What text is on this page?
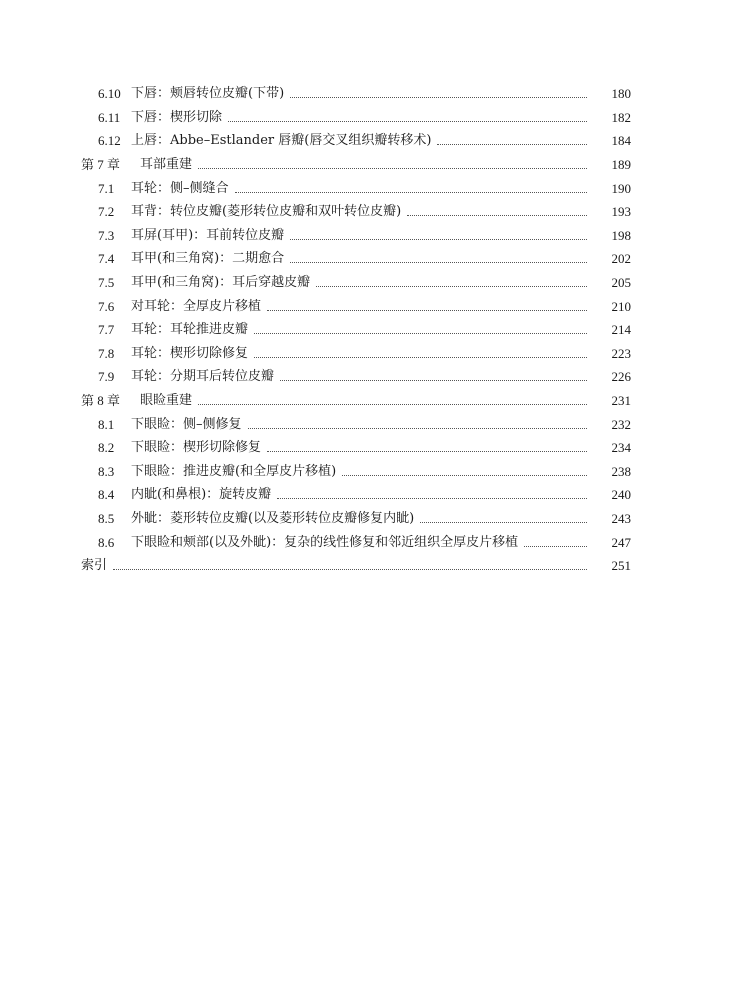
6.10 下唇：颊唇转位皮瓣(下带)	180
6.11 下唇：楔形切除	182
6.12 上唇：Abbe–Estlander 唇瓣(唇交叉组织瓣转移术)	184
第 7 章	耳部重建	189
7.1	耳轮：侧–侧缝合	190
7.2	耳背：转位皮瓣(菱形转位皮瓣和双叶转位皮瓣)	193
7.3	耳屏(耳甲)：耳前转位皮瓣	198
7.4	耳甲(和三角窝)：二期愈合	202
7.5	耳甲(和三角窝)：耳后穿越皮瓣	205
7.6	对耳轮：全厚皮片移植	210
7.7	耳轮：耳轮推进皮瓣	214
7.8	耳轮：楔形切除修复	223
7.9	耳轮：分期耳后转位皮瓣	226
第 8 章	眼睑重建	231
8.1	下眼睑：侧–侧修复	232
8.2	下眼睑：楔形切除修复	234
8.3	下眼睑：推进皮瓣(和全厚皮片移植)	238
8.4	内眦(和鼻根)：旋转皮瓣	240
8.5	外眦：菱形转位皮瓣(以及菱形转位皮瓣修复内眦)	243
8.6	下眼睑和颊部(以及外眦)：复杂的线性修复和邻近组织全厚皮片移植	247
索引	251
